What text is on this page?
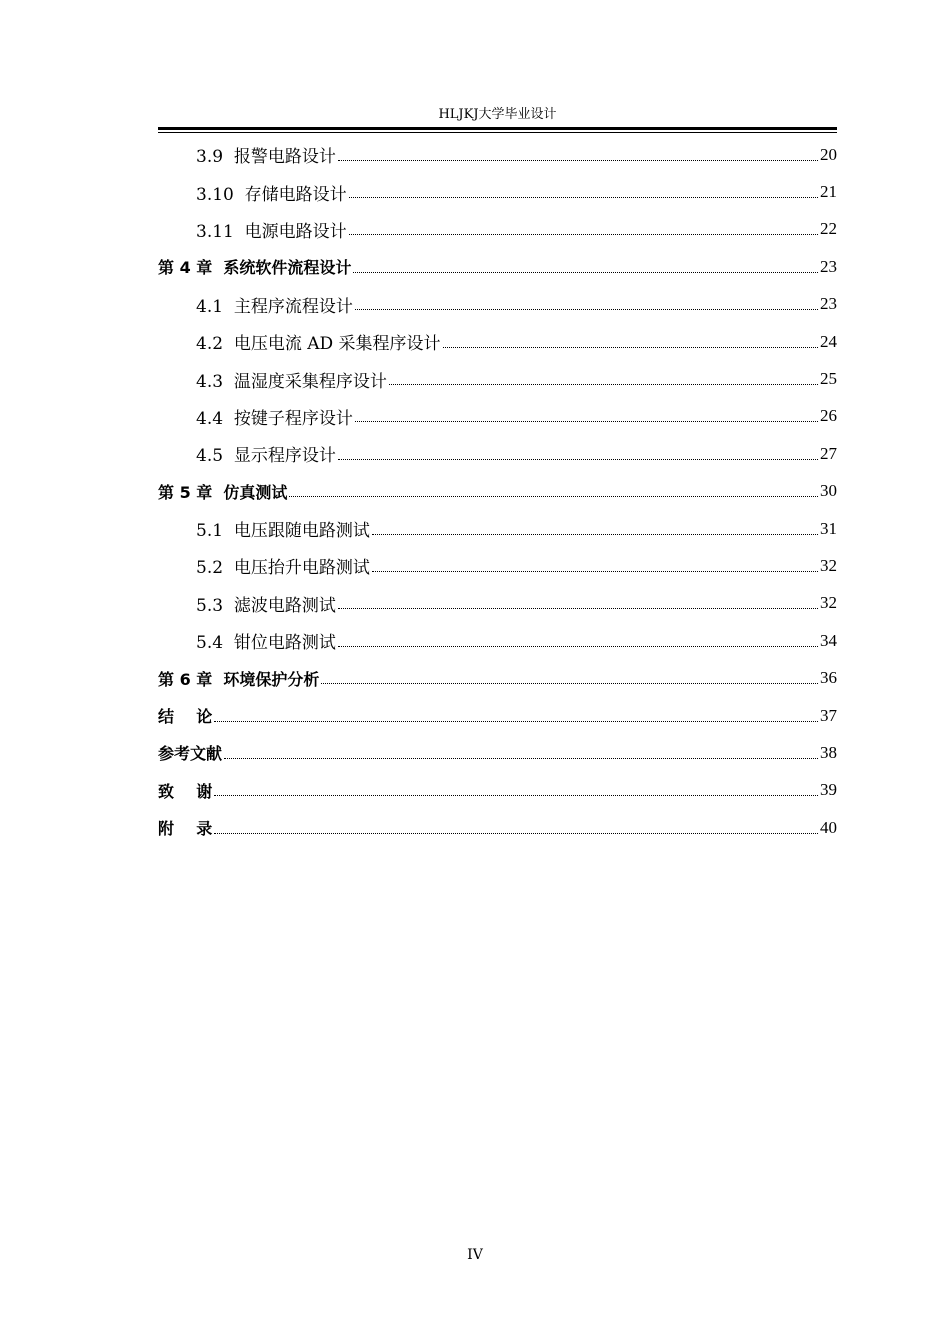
HLJKJ大学毕业设计
3.9  报警电路设计	20
3.10  存储电路设计	21
3.11  电源电路设计	22
第 4 章  系统软件流程设计	23
4.1  主程序流程设计	23
4.2  电压电流 AD 采集程序设计	24
4.3  温湿度采集程序设计	25
4.4  按键子程序设计	26
4.5  显示程序设计	27
第 5 章  仿真测试	30
5.1  电压跟随电路测试	31
5.2  电压抬升电路测试	32
5.3  滤波电路测试	32
5.4  钳位电路测试	34
第 6 章  环境保护分析	36
结    论	37
参考文献	38
致    谢	39
附    录	40
IV
